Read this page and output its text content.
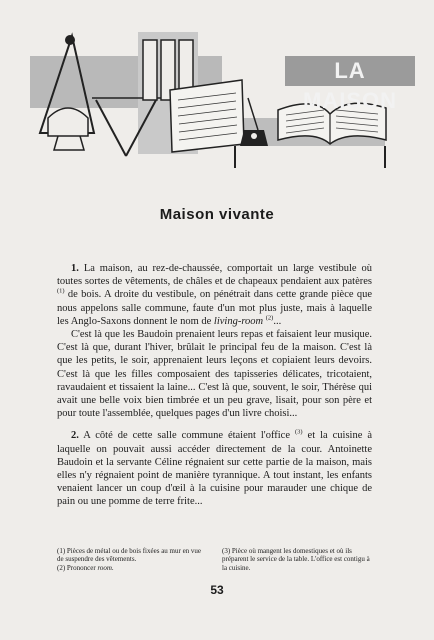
LA MAISON
Maison vivante

1. La maison, au rez-de-chaussée, comportait un large vestibule où toutes sortes de vêtements, de châles et de chapeaux pendaient aux patères $^{(1)}$ de bois. A droite du vestibule, on pénétrait dans cette grande pièce que nous appelons salle commune, faute d'un mot plus juste, mais à laquelle les Anglo-Saxons donnent le nom de living-room $^{(2)}$...

C'est là que les Baudoin prenaient leurs repas et faisaient leur musique. C'est là que, durant l'hiver, brûlait le principal feu de la maison. C'est là que les petits, le soir, apprenaient leurs leçons et copiaient leurs devoirs. C'est là que les filles composaient des tapisseries délicates, tricotaient, ravaudaient et tissaient la laine... C'est là que, souvent, le soir, Thérèse qui avait une belle voix bien timbrée et un peu grave, lisait, pour son père et pour toute l'assemblée, quelques pages d'un livre choisi...

2. A côté de cette salle commune étaient l'office $^{(3)}$ et la cuisine à laquelle on pouvait aussi accéder directement de la cour. Antoinette Baudoin et la servante Céline régnaient sur cette partie de la maison, mais elles n'y régnaient point de manière tyrannique. A tout instant, les enfants venaient lancer un coup d'œil à la cuisine pour marauder une chique de pain ou une pomme de terre frite...

(1) Pièces de métal ou de bois fixées au mur en vue de suspendre des vêtements.

(2) Prononcer room.

(3) Pièce où mangent les domestiques et où ils préparent le service de la table. L'office est contigu à la cuisine.

53
